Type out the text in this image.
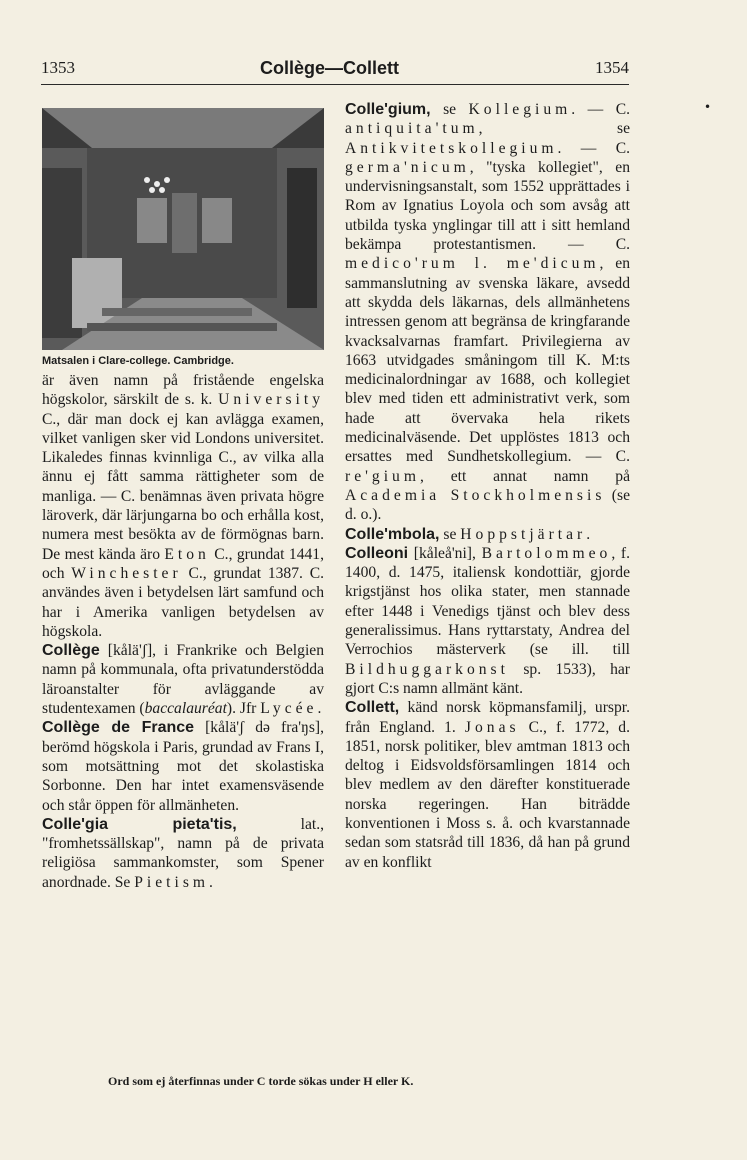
1353	Collège—Collett	1354
•
Matsalen i Clare-college. Cambridge.

är även namn på fristående engelska högskolor, särskilt de s. k. University C., där man dock ej kan avlägga examen, vilket vanligen sker vid Londons universitet. Likaledes finnas kvinnliga C., av vilka alla ännu ej fått samma rättigheter som de manliga. — C. benämnas även privata högre läroverk, där lärjungarna bo och erhålla kost, numera mest besökta av de förmögnas barn. De mest kända äro Eton C., grundat 1441, och Winchester C., grundat 1387. C. användes även i betydelsen lärt samfund och har i Amerika vanligen betydelsen av högskola.

Collège [kålä'ʃ], i Frankrike och Belgien namn på kommunala, ofta privatunderstödda läroanstalter för avläggande av studentexamen (baccalauréat). Jfr Lycée.

Collège de France [kålä'ʃ də fra'ŋs], berömd högskola i Paris, grundad av Frans I, som motsättning mot det skolastiska Sorbonne. Den har intet examensväsende och står öppen för allmänheten.

Colle'gia pieta'tis, lat., "fromhetssällskap", namn på de privata religiösa sammankomster, som Spener anordnade. Se Pietism.

Colle'gium, se Kollegium. — C. antiquita'tum, se Antikvitetskollegium. — C. germa'nicum, "tyska kollegiet", en undervisningsanstalt, som 1552 upprättades i Rom av Ignatius Loyola och som avsåg att utbilda tyska ynglingar till att i sitt hemland bekämpa protestantismen. — C. medico'rum l. me'dicum, en sammanslutning av svenska läkare, avsedd att skydda dels läkarnas, dels allmänhetens intressen genom att begränsa de kringfarande kvacksalvarnas framfart. Privilegierna av 1663 utvidgades småningom till K. M:ts medicinalordningar av 1688, och kollegiet blev med tiden ett administrativt verk, som hade att övervaka hela rikets medicinalväsende. Det upplöstes 1813 och ersattes med Sundhetskollegium. — C. re'gium, ett annat namn på Academia Stockholmensis (se d. o.).

Colle'mbola, se Hoppstjärtar.

Colleoni [kåleå'ni], Bartolommeo, f. 1400, d. 1475, italiensk kondottiär, gjorde krigstjänst hos olika stater, men stannade efter 1448 i Venedigs tjänst och blev dess generalissimus. Hans ryttarstaty, Andrea del Verrochios mästerverk (se ill. till Bildhuggarkonst sp. 1533), har gjort C:s namn allmänt känt.

Collett, känd norsk köpmansfamilj, urspr. från England. 1. Jonas C., f. 1772, d. 1851, norsk politiker, blev amtman 1813 och deltog i Eidsvoldsförsamlingen 1814 och blev medlem av den därefter konstituerade norska regeringen. Han biträdde konventionen i Moss s. å. och kvarstannade sedan som statsråd till 1836, då han på grund av en konflikt

Ord som ej återfinnas under C torde sökas under H eller K.
